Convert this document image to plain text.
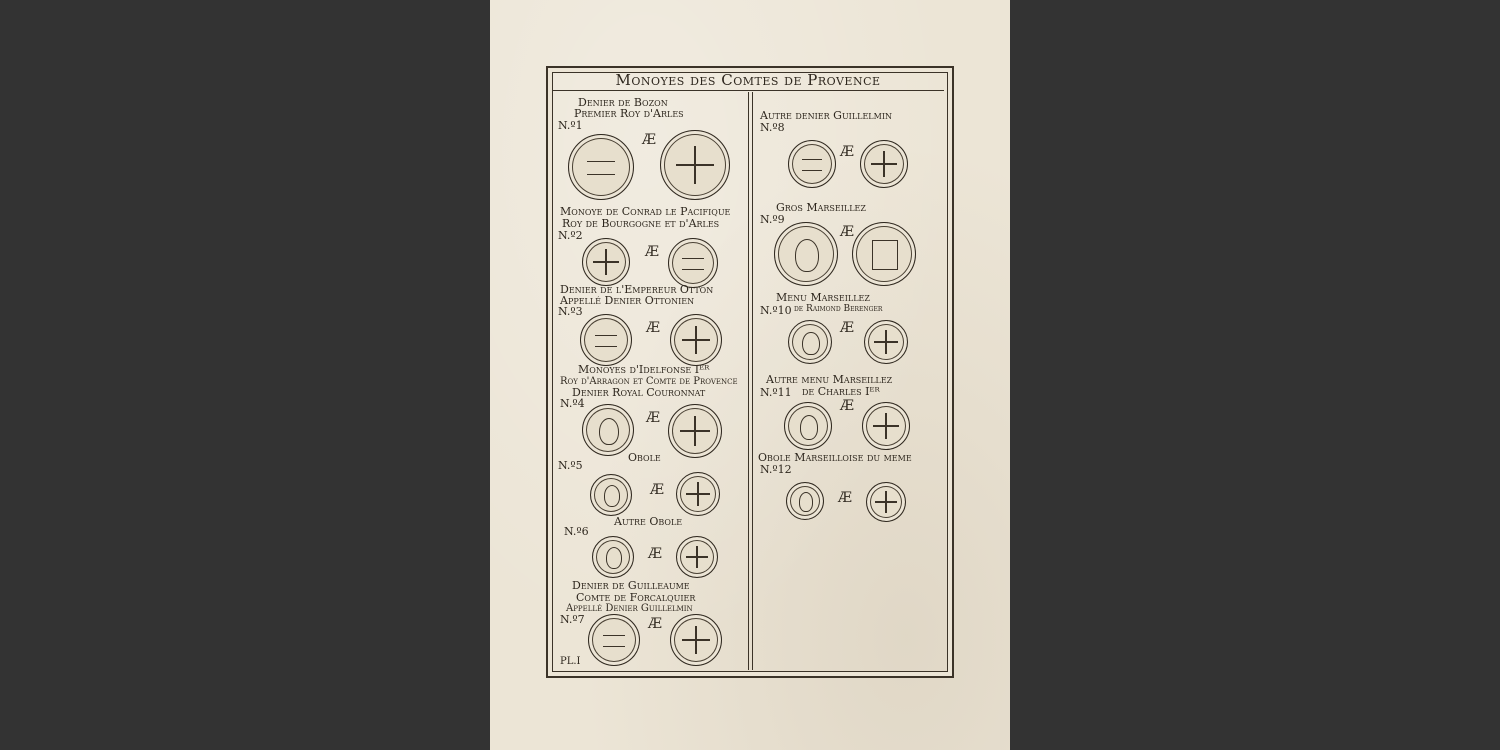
Monoyes des Comtes de Provence
Denier de Bozon
Premier Roy d'Arles
N.º1
Æ
Monoye de Conrad le Pacifique
Roy de Bourgogne et d'Arles
N.º2
Æ
Denier de l'Empereur Otton
Appellé Denier Ottonien
N.º3
Æ
Monoyes d'Idelfonse Iᴱᴿ
Roy d'Arragon et Comte de Provence
Denier Royal Couronnat
N.º4
Æ
Obole
N.º5
Æ
Autre Obole
N.º6
Æ
Denier de Guilleaume
Comte de Forcalquier
Appellé Denier Guillelmin
N.º7	Æ
PL.I
Autre denier Guillelmin
N.º8
Æ
Gros Marseillez
N.º9
Æ
Menu Marseillez
N.º10 de Raimond Berenger
Æ
Autre menu Marseillez
N.º11 de Charles Iᴱᴿ
Æ
Obole Marseilloise du meme
N.º12
Æ
